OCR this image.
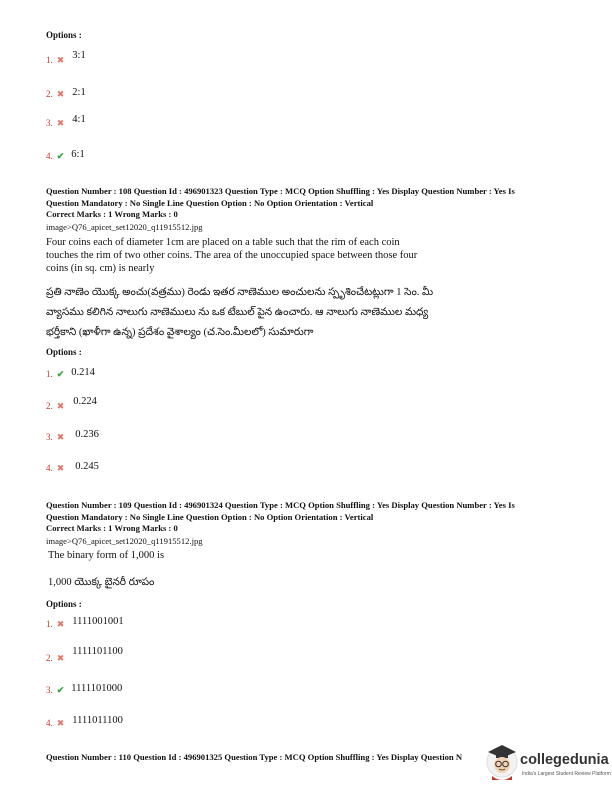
Options :
1. ✖ $^{3:1}$
2. ✖ 2:1
3. ✖ $^{4:1}$
4. ✔ 6:1
Question Number : 108 Question Id : 496901323 Question Type : MCQ Option Shuffling : Yes Display Question Number : Yes Is
Question Mandatory : No Single Line Question Option : No Option Orientation : Vertical
Correct Marks : 1 Wrong Marks : 0
image>Q76_apicet_set12020_q11915512.jpg
Four coins each of diameter 1cm are placed on a table such that the rim of each coin
touches the rim of two other coins. The area of the unoccupied space between those four
coins (in sq. cm) is nearly
ప్రతి నాణెం యొక్క అంచు(వత్రము) రెండు ఇతర నాణెముల అంచులను స్పృశించేటట్లుగా 1 సెం. మీ
వ్యాసము కలిగిన నాలుగు నాణెములు ను ఒక టేబుల్ పైన ఉంచారు. ఆ నాలుగు నాణెముల మధ్య
భర్తీకాని (ఖాళీగా ఉన్న) ప్రదేశం వైశాల్యం (చ.సెం.మీలలో) సుమారుగా
Options :
1. ✔ 0.214
2. ✖ $^{0.224}$
3. ✖ 0.236
4. ✖ 0.245
Question Number : 109 Question Id : 496901324 Question Type : MCQ Option Shuffling : Yes Display Question Number : Yes Is
Question Mandatory : No Single Line Question Option : No Option Orientation : Vertical
Correct Marks : 1 Wrong Marks : 0
image>Q76_apicet_set12020_q11915512.jpg
The binary form of 1,000 is
1,000 యొక్క బైనరీ రూపం
Options :
1. ✖ 1111001001
2. ✖ $^{1111101100}$
3. ✔ 1111101000
4. ✖ 1111011100
Question Number : 110 Question Id : 496901325 Question Type : MCQ Option Shuffling : Yes Display Question N	collegedunia
India's Largest Student Review Platform
